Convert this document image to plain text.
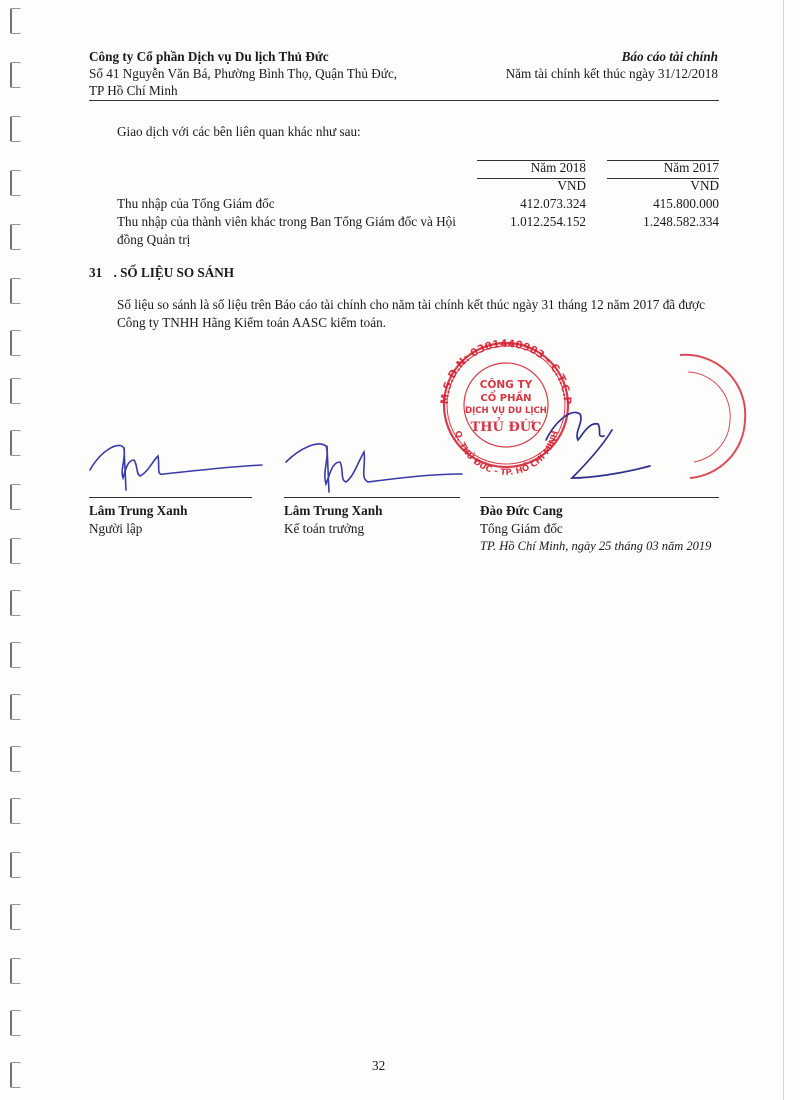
Công ty Cổ phần Dịch vụ Du lịch Thủ Đức
Số 41 Nguyễn Văn Bá, Phường Bình Thọ, Quận Thủ Đức,
TP Hồ Chí Minh
Báo cáo tài chính
Năm tài chính kết thúc ngày 31/12/2018
Giao dịch với các bên liên quan khác như sau:
Năm 2018	Năm 2017
VND	VND
Thu nhập của Tổng Giám đốc	412.073.324	415.800.000
Thu nhập của thành viên khác trong Ban Tổng Giám đốc và Hội	1.012.254.152	1.248.582.334
đồng Quản trị
31 . SỐ LIỆU SO SÁNH
Số liệu so sánh là số liệu trên Báo cáo tài chính cho năm tài chính kết thúc ngày 31 tháng 12 năm 2017 đã được
Công ty TNHH Hãng Kiểm toán AASC kiểm toán.
M.S.D.N: 0301440903 - C.T.C.P
Q. THỦ ĐỨC - TP. HỒ CHÍ MINH
CÔNG TY
CỔ PHẦN
DỊCH VỤ DU LỊCH
THỦ ĐỨC
Lâm Trung Xanh
Người lập
Lâm Trung Xanh
Kế toán trưởng
Đào Đức Cang
Tổng Giám đốc
TP. Hồ Chí Minh, ngày 25 tháng 03 năm 2019
32
